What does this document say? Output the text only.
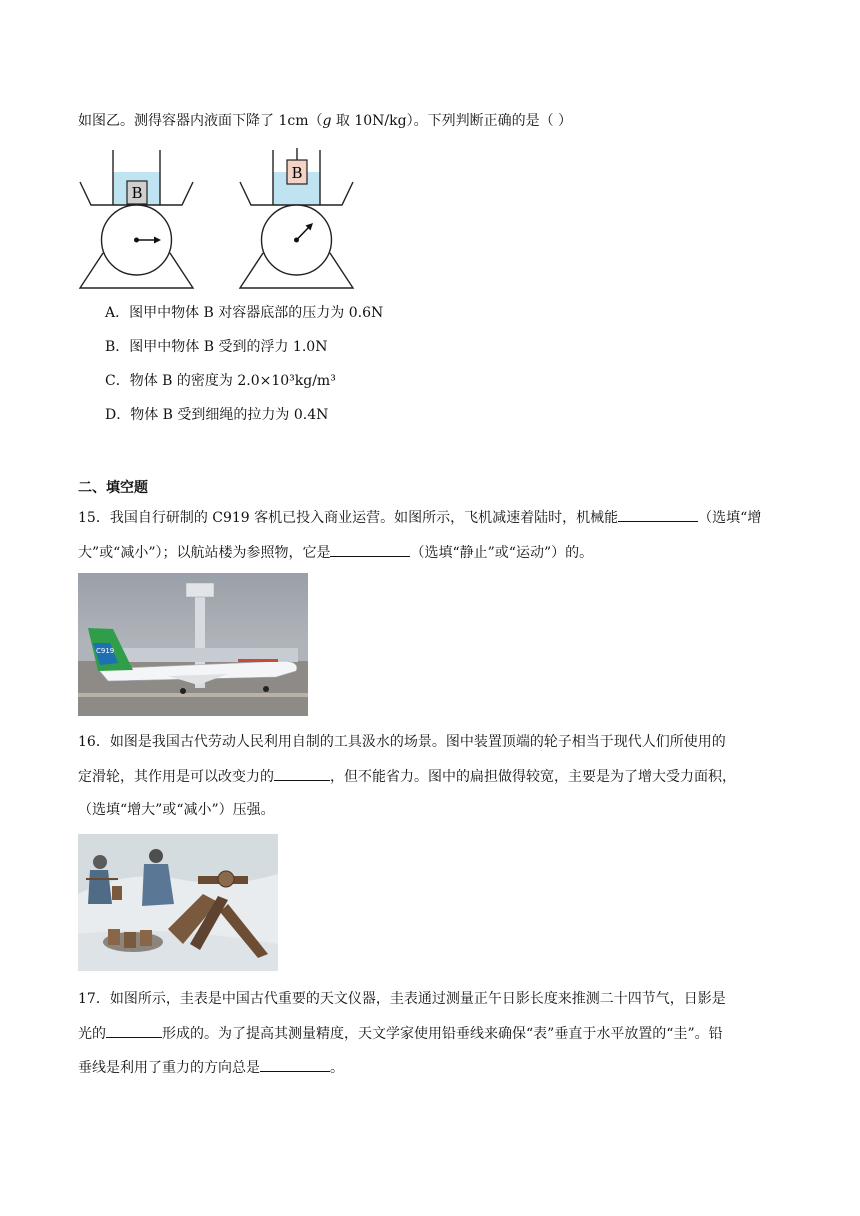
如图乙。测得容器内液面下降了 1cm（g 取 10N/kg）。下列判断正确的是（ ）
B
B
A．图甲中物体 B 对容器底部的压力为 0.6N
B．图甲中物体 B 受到的浮力 1.0N
C．物体 B 的密度为 2.0×10³kg/m³
D．物体 B 受到细绳的拉力为 0.4N
二、填空题
15．我国自行研制的 C919 客机已投入商业运营。如图所示，飞机减速着陆时，机械能	（选填“增
大”或“减小”）；以航站楼为参照物，它是	（选填“静止”或“运动”）的。
C919
16．如图是我国古代劳动人民利用自制的工具汲水的场景。图中装置顶端的轮子相当于现代人们所使用的
定滑轮，其作用是可以改变力的	，但不能省力。图中的扁担做得较宽，主要是为了增大受力面积，
（选填“增大”或“减小”）压强。
17．如图所示，圭表是中国古代重要的天文仪器，圭表通过测量正午日影长度来推测二十四节气，日影是
光的	形成的。为了提高其测量精度，天文学家使用铅垂线来确保“表”垂直于水平放置的“圭”。铅
垂线是利用了重力的方向总是	。
